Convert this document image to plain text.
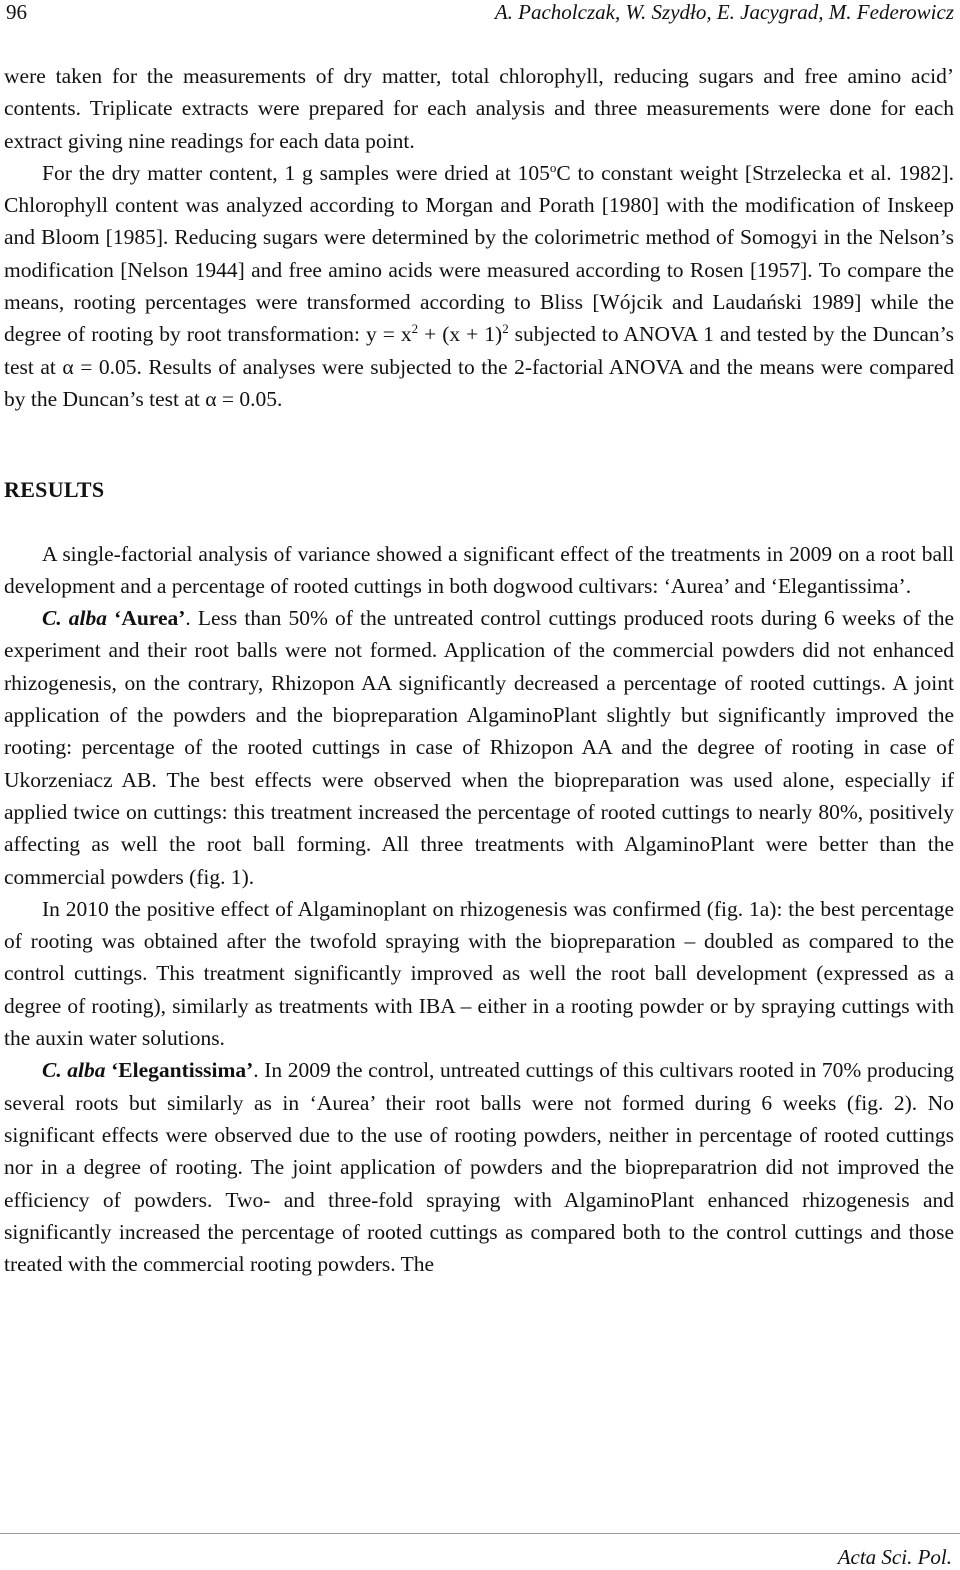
96	A. Pacholczak, W. Szydło, E. Jacygrad, M. Federowicz

were taken for the measurements of dry matter, total chlorophyll, reducing sugars and free amino acid’ contents. Triplicate extracts were prepared for each analysis and three measurements were done for each extract giving nine readings for each data point.

For the dry matter content, 1 g samples were dried at 105$^o$C to constant weight [Strzelecka et al. 1982]. Chlorophyll content was analyzed according to Morgan and Porath [1980] with the modification of Inskeep and Bloom [1985]. Reducing sugars were determined by the colorimetric method of Somogyi in the Nelson’s modification [Nelson 1944] and free amino acids were measured according to Rosen [1957]. To compare the means, rooting percentages were transformed according to Bliss [Wójcik and Laudański 1989] while the degree of rooting by root transformation: $y = x^2 + (x + 1)^2$ subjected to ANOVA 1 and tested by the Duncan’s test at α = 0.05. Results of analyses were subjected to the 2-factorial ANOVA and the means were compared by the Duncan’s test at α = 0.05.

RESULTS

A single-factorial analysis of variance showed a significant effect of the treatments in 2009 on a root ball development and a percentage of rooted cuttings in both dogwood cultivars: ‘Aurea’ and ‘Elegantissima’.

C. alba ‘Aurea’. Less than 50% of the untreated control cuttings produced roots during 6 weeks of the experiment and their root balls were not formed. Application of the commercial powders did not enhanced rhizogenesis, on the contrary, Rhizopon AA significantly decreased a percentage of rooted cuttings. A joint application of the powders and the biopreparation AlgaminoPlant slightly but significantly improved the rooting: percentage of the rooted cuttings in case of Rhizopon AA and the degree of rooting in case of Ukorzeniacz AB. The best effects were observed when the biopreparation was used alone, especially if applied twice on cuttings: this treatment increased the percentage of rooted cuttings to nearly 80%, positively affecting as well the root ball forming. All three treatments with AlgaminoPlant were better than the commercial powders (fig. 1).

In 2010 the positive effect of Algaminoplant on rhizogenesis was confirmed (fig. 1a): the best percentage of rooting was obtained after the twofold spraying with the biopreparation – doubled as compared to the control cuttings. This treatment significantly improved as well the root ball development (expressed as a degree of rooting), similarly as treatments with IBA – either in a rooting powder or by spraying cuttings with the auxin water solutions.

C. alba ‘Elegantissima’. In 2009 the control, untreated cuttings of this cultivars rooted in 70% producing several roots but similarly as in ‘Aurea’ their root balls were not formed during 6 weeks (fig. 2). No significant effects were observed due to the use of rooting powders, neither in percentage of rooted cuttings nor in a degree of rooting. The joint application of powders and the biopreparatrion did not improved the efficiency of powders. Two- and three-fold spraying with AlgaminoPlant enhanced rhizogenesis and significantly increased the percentage of rooted cuttings as compared both to the control cuttings and those treated with the commercial rooting powders. The

Acta Sci. Pol.
